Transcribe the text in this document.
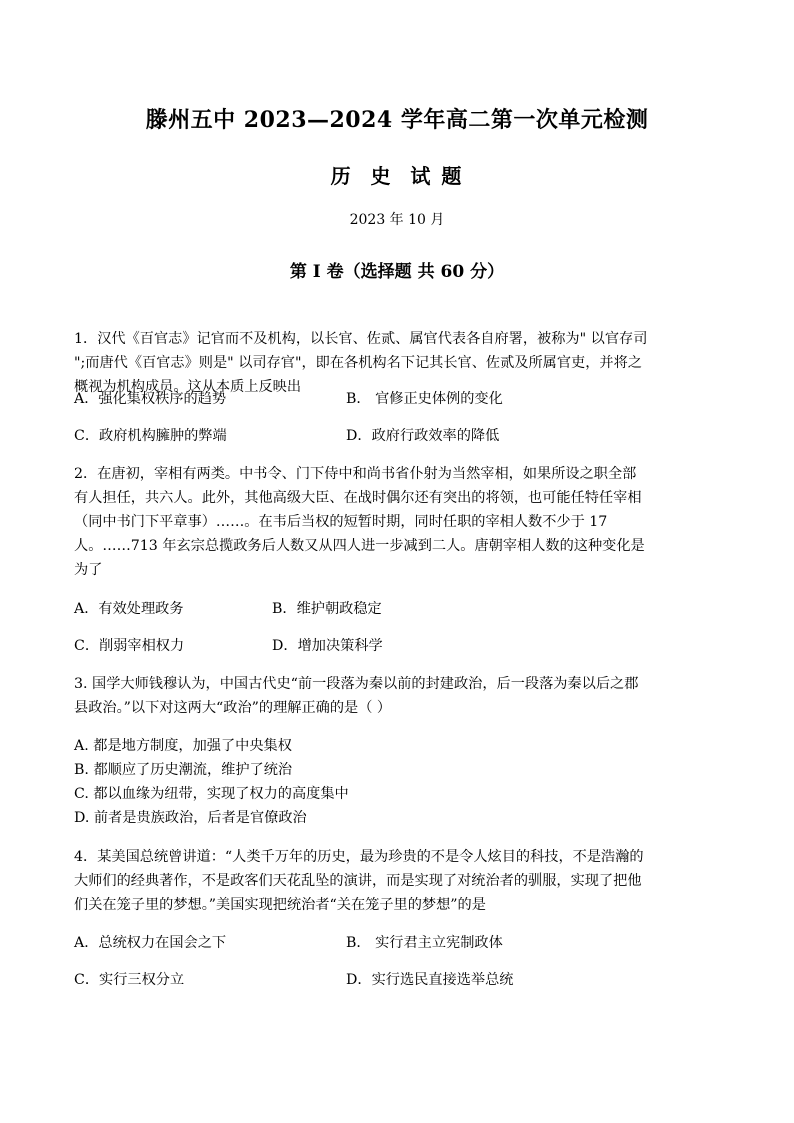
滕州五中 2023—2024 学年高二第一次单元检测
历  史  试 题
2023 年 10 月
第 I 卷（选择题 共 60 分）
1．汉代《百官志》记官而不及机构，以长官、佐贰、属官代表各自府署，被称为" 以官存司
";而唐代《百官志》则是" 以司存官"，即在各机构名下记其长官、佐贰及所属官吏，并将之
概视为机构成员。这从本质上反映出
A．强化集权秩序的趋势	B． 官修正史体例的变化
C．政府机构臃肿的弊端	D．政府行政效率的降低
2．在唐初，宰相有两类。中书令、门下侍中和尚书省仆射为当然宰相，如果所设之职全部
有人担任，共六人。此外，其他高级大臣、在战时偶尔还有突出的将领，也可能任特任宰相
（同中书门下平章事）……。在韦后当权的短暂时期，同时任职的宰相人数不少于 17
人。……713 年玄宗总揽政务后人数又从四人进一步减到二人。唐朝宰相人数的这种变化是
为了
A．有效处理政务	B．维护朝政稳定
C．削弱宰相权力	D．增加决策科学
3. 国学大师钱穆认为，中国古代史“前一段落为秦以前的封建政治，后一段落为秦以后之郡
县政治。”以下对这两大“政治”的理解正确的是（ ）
A. 都是地方制度，加强了中央集权
B. 都顺应了历史潮流，维护了统治
C. 都以血缘为纽带，实现了权力的高度集中
D. 前者是贵族政治，后者是官僚政治
4．某美国总统曾讲道：“人类千万年的历史，最为珍贵的不是令人炫目的科技，不是浩瀚的
大师们的经典著作，不是政客们天花乱坠的演讲，而是实现了对统治者的驯服，实现了把他
们关在笼子里的梦想。”美国实现把统治者“关在笼子里的梦想”的是
A．总统权力在国会之下	B． 实行君主立宪制政体
C．实行三权分立	D．实行选民直接选举总统
